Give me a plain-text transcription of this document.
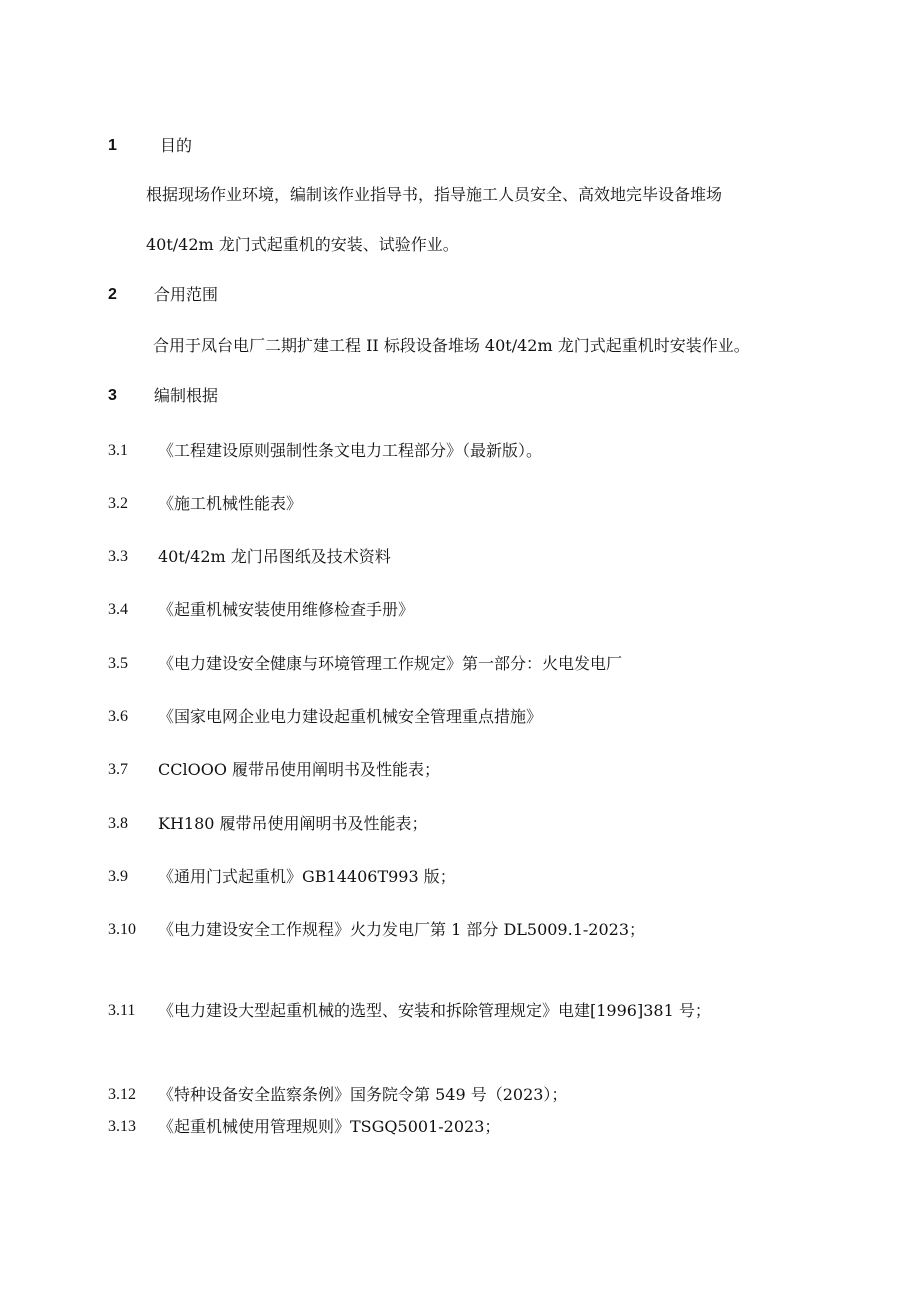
1	目的
根据现场作业环境，编制该作业指导书，指导施工人员安全、高效地完毕设备堆场
40t/42m 龙门式起重机的安装、试验作业。
2 合用范围
合用于凤台电厂二期扩建工程 II 标段设备堆场 40t/42m 龙门式起重机时安装作业。
3 编制根据
3.1 《工程建设原则强制性条文电力工程部分》（最新版）。
3.2 《施工机械性能表》
3.3 40t/42m 龙门吊图纸及技术资料
3.4 《起重机械安装使用维修检查手册》
3.5 《电力建设安全健康与环境管理工作规定》第一部分：火电发电厂
3.6 《国家电网企业电力建设起重机械安全管理重点措施》
3.7 CClOOO 履带吊使用阐明书及性能表；
3.8 KH180 履带吊使用阐明书及性能表；
3.9 《通用门式起重机》GB14406T993 版；
3.10 《电力建设安全工作规程》火力发电厂第 1 部分 DL5009.1-2023；
3.11 《电力建设大型起重机械的选型、安装和拆除管理规定》电建[1996]381 号；
3.12 《特种设备安全监察条例》国务院令第 549 号（2023）；
3.13 《起重机械使用管理规则》TSGQ5001-2023；
